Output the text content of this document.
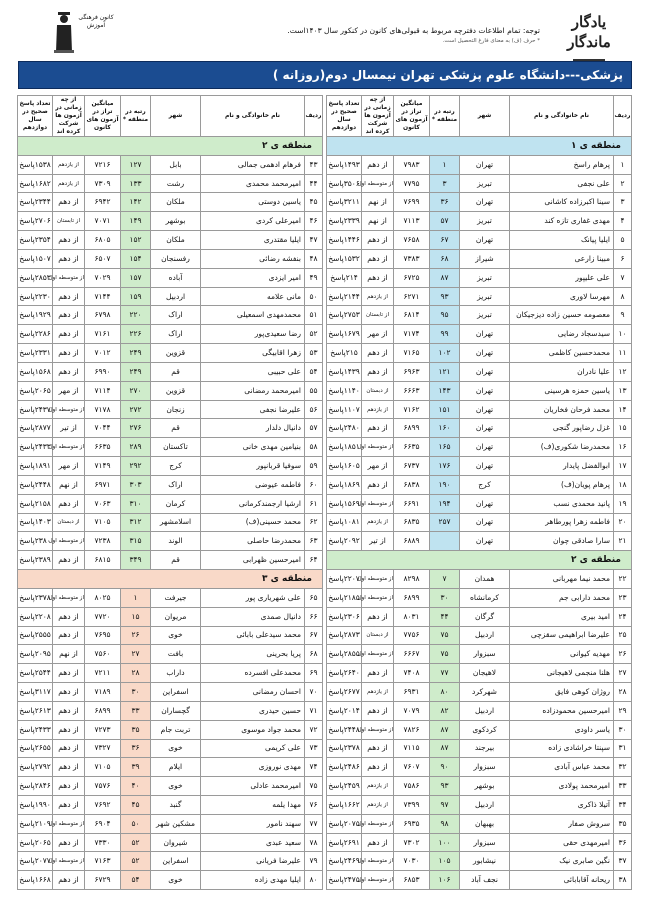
یادگار ماندگار
توجه: تمام اطلاعات دفترچه مربوط به قبولی‌های کانون در کنکور سال ۱۴۰۳است.
* حرف (ف) به معنای فارغ التحصیل است.
کانون فرهنگی آموزش
پزشکی---دانشگاه علوم پزشکی تهران نیمسال دوم(روزانه )
ردیف	نام خانوادگی و نام	شهر	رتبه در منطقه *	میانگین تراز در آزمون های کانون	از چه زمانی در آزمون ها شرکت کرده اند	تعداد پاسخ صحیح در سال دوازدهم
منطقه ی ۱						
۱	پرهام راسخ	تهران	۱	۷۹۸۳	از دهم	۱۴۹۳پاسخ
۲	علی نجفی	تبریز	۳	۷۷۹۵	از متوسطه اول	۳۵۰۶پاسخ
۳	سینا اکبرزاده کاشانی	تهران	۳۶	۷۶۹۹	از نهم	۳۲۱۱پاسخ
۴	مهدی غفاری تازه کند	تبریز	۵۷	۷۱۱۳	از نهم	۲۳۳۹پاسخ
۵	ایلیا پیانک	تهران	۶۷	۷۶۵۸	از دهم	۱۴۴۶پاسخ
۶	مبینا زارعی	شیراز	۶۸	۷۳۸۳	از دهم	۱۵۳۲پاسخ
۷	علی علیپور	تبریز	۸۷	۶۷۲۵	از دهم	۲۱۴پاسخ
۸	مهرسا لاوری	تبریز	۹۳	۶۲۷۱	از یازدهم	۲۱۴۴پاسخ
۹	معصومه حسین زاده دیزجیکان	تبریز	۹۵	۶۸۱۴	از تابستان	۲۷۵۳پاسخ
۱۰	سیدسجاد رضایی	تهران	۹۹	۷۱۷۴	از مهر	۱۶۷۹پاسخ
۱۱	محمدحسین کاظمی	تهران	۱۰۲	۷۱۶۵	از دهم	۲۱۵پاسخ
۱۲	علیا نادران	تهران	۱۲۱	۶۹۶۳	از دهم	۱۴۳۹پاسخ
۱۳	یاسین حمزه هرسینی	تهران	۱۴۳	۶۶۶۳	از دبستان	۱۱۴۰پاسخ
۱۴	محمد فرحان فخاریان	تهران	۱۵۱	۷۱۶۲	از یازدهم	۱۱۰۷پاسخ
۱۵	غزل رضاپور گنجی	تهران	۱۶۰	۶۸۹۹	از دهم	۲۴۸۰پاسخ
۱۶	محمدرضا شکوری(ف)	تهران	۱۶۵	۶۶۳۵	از متوسطه اول	۱۸۵۱پاسخ
۱۷	ابوالفضل پایدار	تهران	۱۷۶	۶۷۳۷	از مهر	۱۶۰۵پاسخ
۱۸	پرهام پویان(ف)	کرج	۱۹۰	۶۸۳۸	از دهم	۱۸۶۹پاسخ
۱۹	پانید محمدی نسب	تهران	۱۹۴	۶۶۹۱	از متوسطه اول	۱۵۶۹پاسخ
۲۰	فاطمه زهرا پورطاهر	تهران	۲۵۷	۶۸۳۵	از یازدهم	۱۰۸۱پاسخ
۲۱	سارا صادقی چوان	تهران		۶۸۸۹	از تیر	۲۰۹۲پاسخ
منطقه ی ۲						
۲۲	محمد نیما مهربانی	همدان	۷	۸۲۹۸	از متوسطه اول	۲۲۰۷پاسخ
۲۳	محمد دارابی جم	کرمانشاه	۳۰	۶۸۹۹	از متوسطه اول	۲۱۸۵پاسخ
۲۴	امید بیری	گرگان	۴۴	۸۰۳۱	از دهم	۲۳۰۶پاسخ
۲۵	علیرضا ابراهیمی سقزچی	اردبیل	۷۵	۷۷۵۶	از دبستان	۲۸۷۳پاسخ
۲۶	مهدیه کیوانی	سبزوار	۷۵	۶۶۶۷	از متوسطه اول	۲۸۵۵پاسخ
۲۷	هلنا منجمی لاهیجانی	لاهیجان	۷۷	۷۴۰۸	از دهم	۲۶۴۰پاسخ
۲۸	روژان کوهی فایق	شهرکرد	۸۰	۶۹۳۱	از یازدهم	۲۶۷۷پاسخ
۲۹	امیرحسین محمودزاده	اردبیل	۸۲	۷۰۷۹	از دهم	۲۰۱۴پاسخ
۳۰	یاسر داودی	کردکوی	۸۷	۷۸۲۶	از متوسطه اول	۲۴۴۸پاسخ
۳۱	سپنتا خراشادی زاده	بیرجند	۸۷	۷۱۱۵	از دهم	۲۳۷۸پاسخ
۳۲	محمد عباس آبادی	سبزوار	۹۰	۷۶۰۷	از دهم	۲۴۸۶پاسخ
۳۳	امیرمحمد پولادی	بوشهر	۹۳	۷۵۸۶	از یازدهم	۲۴۵۹پاسخ
۳۴	آتیلا ذاکری	اردبیل	۹۷	۷۳۹۹	از یازدهم	۱۶۶۲پاسخ
۳۵	سروش صفار	بهبهان	۹۸	۶۹۳۵	از متوسطه اول	۲۰۷۵پاسخ
۳۶	امیرمهدی حقی	سبزوار	۱۰۰	۷۳۰۲	از دهم	۲۶۹۱پاسخ
۳۷	نگین صابری نیک	نیشابور	۱۰۵	۷۰۳۰	از متوسطه اول	۲۴۶۹پاسخ
۳۸	ریحانه آقابابائی	نجف آباد	۱۰۶	۶۸۵۳	از متوسطه اول	۲۴۷۵پاسخ
ردیف	نام خانوادگی و نام	شهر	رتبه در منطقه *	میانگین تراز در آزمون های کانون	از چه زمانی در آزمون ها شرکت کرده اند	تعداد پاسخ صحیح در سال دوازدهم
منطقه ی ۲						
۴۳	فرهام ادهمی جمالی	بابل	۱۲۷	۷۲۱۶	از یازدهم	۱۵۳۸پاسخ
۴۴	امیرمحمد محمدی	رشت	۱۳۳	۷۳۰۹	از یازدهم	۱۶۸۲پاسخ
۴۵	یاسین دوستی	ملکان	۱۴۲	۶۹۴۲	از دهم	۲۳۴۴پاسخ
۴۶	امیرعلی کردی	بوشهر	۱۴۹	۷۰۷۱	از تابستان	۲۷۰۶پاسخ
۴۷	ایلیا مقتدری	ملکان	۱۵۲	۶۸۰۵	از دهم	۲۳۵۴پاسخ
۴۸	بنفشه رضائی	رفسنجان	۱۵۴	۶۵۰۷	از دهم	۱۵۰۷پاسخ
۴۹	امیر ایزدی	آباده	۱۵۷	۷۰۲۹	از متوسطه اول	۲۸۵۳پاسخ
۵۰	مانی علامه	اردبیل	۱۵۹	۷۱۴۴	از دهم	۲۲۳۰پاسخ
۵۱	محمدمهدی اسمعیلی	اراک	۲۲۰	۶۷۹۸	از دهم	۱۹۲۹پاسخ
۵۲	رضا سعیدی‌پور	اراک	۲۲۶	۷۱۶۱	از دهم	۲۲۸۶پاسخ
۵۳	زهرا اقابیگی	قزوین	۲۴۹	۷۰۱۲	از دهم	۲۳۳۱پاسخ
۵۴	علی حبیبی	قم	۲۴۹	۶۹۹۰	از دهم	۱۵۶۸پاسخ
۵۵	امیرمحمد رمضانی	قزوین	۲۷۰	۷۱۱۴	از مهر	۲۰۶۵پاسخ
۵۶	علیرضا نجفی	زنجان	۲۷۲	۷۱۷۸	از متوسطه اول	۲۴۳۷پاسخ
۵۷	دانیال دلدار	قم	۲۷۶	۷۰۴۴	از تیر	۲۸۷۷پاسخ
۵۸	بنیامین مهدی خانی	تاکستان	۲۸۹	۶۶۳۵	از متوسطه اول	۲۴۳۳پاسخ
۵۹	سوفیا قربانپور	کرج	۲۹۲	۷۱۴۹	از مهر	۱۸۹۱پاسخ
۶۰	فاطمه عیوضی	اراک	۳۰۳	۶۹۷۱	از نهم	۲۴۴۸پاسخ
۶۱	ارشیا ارجمند‌کرمانی	کرمان	۳۱۰	۷۰۶۳	از دهم	۲۱۵۸پاسخ
۶۲	محمد حسینی(ف)	اسلامشهر	۳۱۲	۷۱۰۵	از دبستان	۱۴۰۳پاسخ
۶۳	محمدرضا حاصلی	الوند	۳۱۵	۷۲۳۸	از متوسطه اول	۲۳۸۰پاسخ
۶۴	امیرحسین ظهرابی	قم	۳۴۹	۶۸۱۵	از دهم	۲۳۸۹پاسخ
منطقه ی ۳						
۶۵	علی شهریاری پور	جیرفت	۱	۸۰۲۵	از متوسطه اول	۲۳۷۸پاسخ
۶۶	دانیال صمدی	مریوان	۱۵	۷۷۲۰	از دهم	۲۲۰۸پاسخ
۶۷	محمد سیدعلی بابائی	خوی	۲۶	۷۶۹۵	از دهم	۲۵۵۵پاسخ
۶۸	پریا بحرینی	بافت	۲۷	۷۵۶۰	از نهم	۲۰۹۵پاسخ
۶۹	محمدعلی افسرده	داراب	۲۸	۷۲۱۱	از دهم	۲۵۴۴پاسخ
۷۰	احسان رمضانی	اسفراین	۳۰	۷۱۸۹	از دهم	۳۱۱۷پاسخ
۷۱	حسین حیدری	گچساران	۳۳	۶۸۹۹	از دهم	۲۶۱۳پاسخ
۷۲	محمد جواد موسوی	تربت جام	۳۵	۷۲۷۳	از دهم	۲۴۳۳پاسخ
۷۳	علی کریمی	خوی	۳۶	۷۳۲۷	از دهم	۲۶۵۵پاسخ
۷۴	مهدی نوروزی	ایلام	۳۹	۷۱۰۵	از دهم	۲۷۹۲پاسخ
۷۵	امیرمحمد عادلی	خوی	۴۰	۷۵۷۶	از دهم	۲۸۴۶پاسخ
۷۶	مهدا یلمه	گنبد	۴۵	۷۶۹۲	از دهم	۱۹۹۰پاسخ
۷۷	سهند نامور	مشکین شهر	۵۰	۶۹۰۴	از متوسطه اول	۲۱۰۹پاسخ
۷۸	سعید عبدی	شیروان	۵۲	۷۳۳۰	از دهم	۲۰۶۵پاسخ
۷۹	علیرضا فریانی	اسفراین	۵۲	۷۱۶۳	از متوسطه اول	۲۰۷۷پاسخ
۸۰	ایلیا مهدی زاده	خوی	۵۴	۶۷۲۹	از دهم	۱۶۶۸پاسخ
